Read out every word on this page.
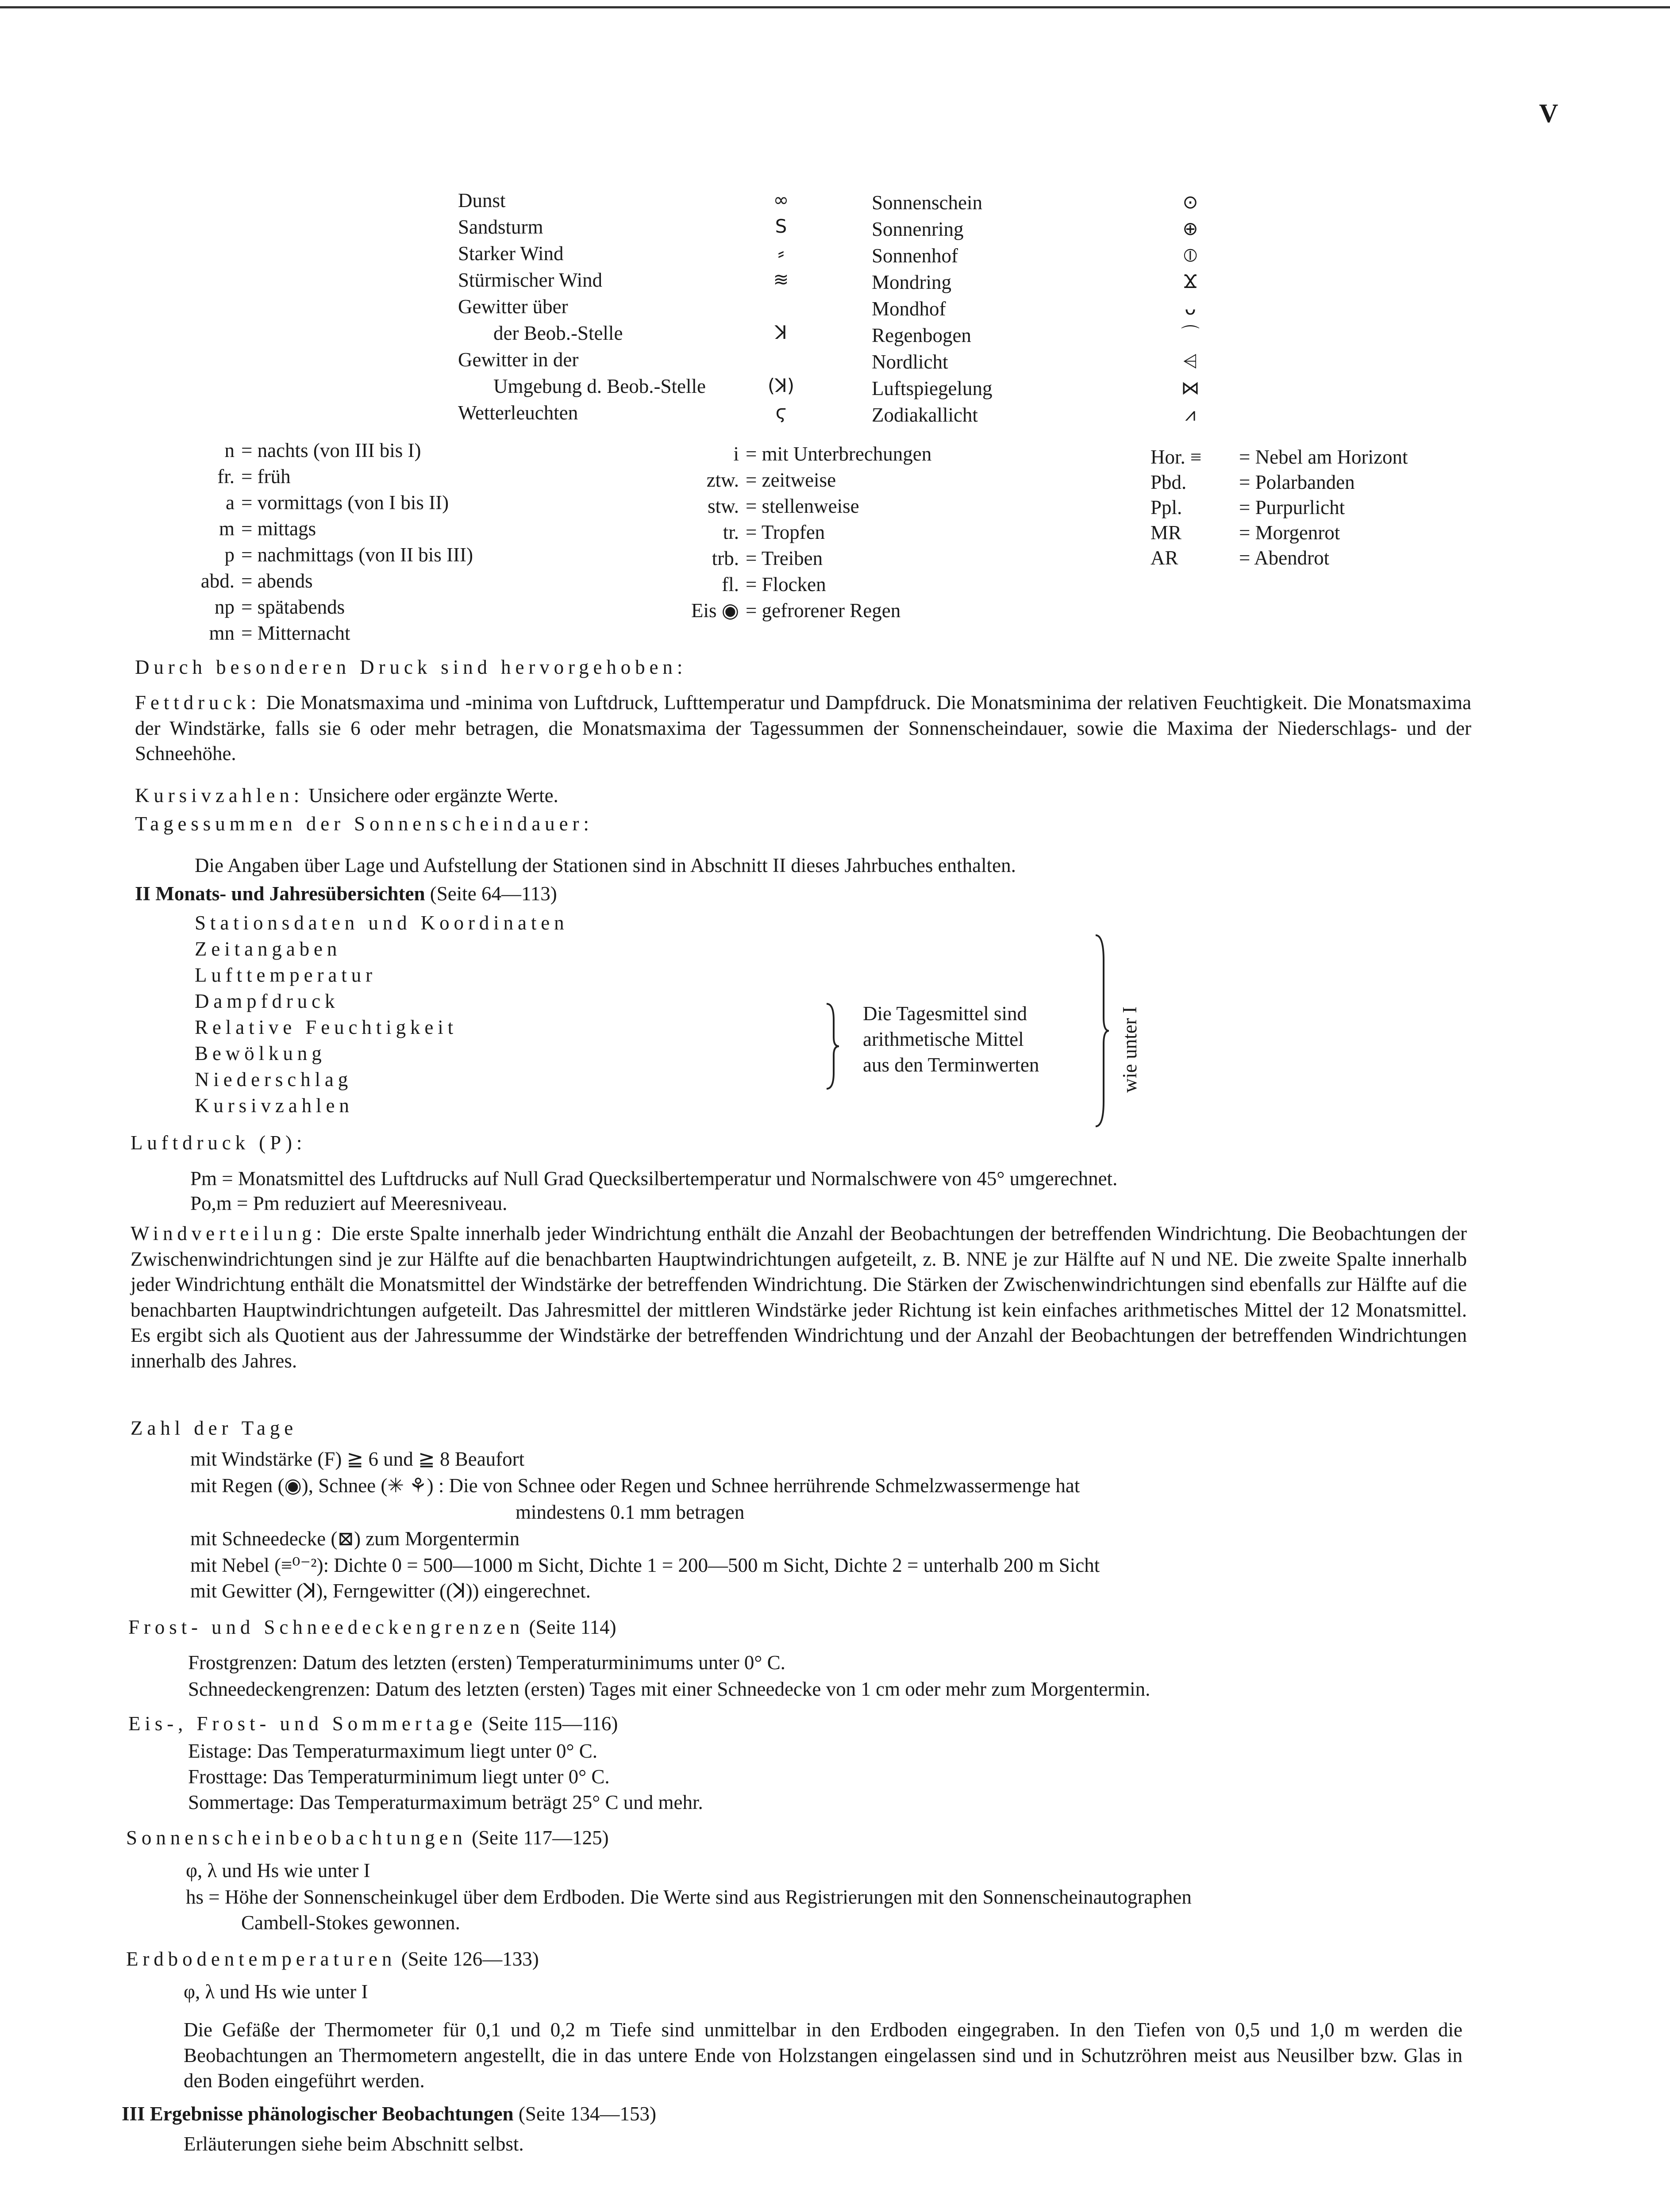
V
Dunst	∞
Sandsturm	S
Starker Wind	⸗
Stürmischer Wind	≋
Gewitter über
der Beob.-Stelle	ꓘ
Gewitter in der
Umgebung d. Beob.-Stelle	(ꓘ)
Wetterleuchten	ϛ
Sonnenschein	⊙
Sonnenring	⊕
Sonnenhof	⦶
Mondring	Ϫ
Mondhof	ᴗ
Regenbogen	⌒
Nordlicht	⩤
Luftspiegelung	⋈
Zodiakallicht	⩘
n = nachts (von III bis I)
fr. = früh
a = vormittags (von I bis II)
m = mittags
p = nachmittags (von II bis III)
abd. = abends
np = spätabends
mn = Mitternacht
i = mit Unterbrechungen
ztw. = zeitweise
stw. = stellenweise
tr. = Tropfen
trb. = Treiben
fl. = Flocken
Eis ◉ = gefrorener Regen
Hor. ≡	= Nebel am Horizont
Pbd.	= Polarbanden
Ppl.	= Purpurlicht
MR	= Morgenrot
AR	= Abendrot
Durch besonderen Druck sind hervorgehoben:
Fettdruck: Die Monatsmaxima und -minima von Luftdruck, Lufttemperatur und Dampfdruck. Die Monatsminima der relativen Feuchtigkeit. Die Monatsmaxima der Windstärke, falls sie 6 oder mehr betragen, die Monatsmaxima der Tagessummen der Sonnenscheindauer, sowie die Maxima der Niederschlags- und der Schneehöhe.
Kursivzahlen: Unsichere oder ergänzte Werte.
Tagessummen der Sonnenscheindauer:
Die Angaben über Lage und Aufstellung der Stationen sind in Abschnitt II dieses Jahrbuches enthalten.
II Monats- und Jahresübersichten (Seite 64—113)
Stationsdaten und Koordinaten
Zeitangaben
Lufttemperatur
Dampfdruck
Relative Feuchtigkeit
Bewölkung
Niederschlag
Kursivzahlen
Die Tagesmittel sind
arithmetische Mittel
aus den Terminwerten	wie unter I
Luftdruck (P):
Pm = Monatsmittel des Luftdrucks auf Null Grad Quecksilbertemperatur und Normalschwere von 45° umgerechnet.
Po,m = Pm reduziert auf Meeresniveau.
Windverteilung: Die erste Spalte innerhalb jeder Windrichtung enthält die Anzahl der Beobachtungen der betreffenden Windrichtung. Die Beobachtungen der Zwischenwindrichtungen sind je zur Hälfte auf die benachbarten Hauptwindrichtungen aufgeteilt, z. B. NNE je zur Hälfte auf N und NE. Die zweite Spalte innerhalb jeder Windrichtung enthält die Monatsmittel der Windstärke der betreffenden Windrichtung. Die Stärken der Zwischenwindrichtungen sind ebenfalls zur Hälfte auf die benachbarten Hauptwindrichtungen aufgeteilt. Das Jahresmittel der mittleren Windstärke jeder Richtung ist kein einfaches arithmetisches Mittel der 12 Monatsmittel. Es ergibt sich als Quotient aus der Jahressumme der Windstärke der betreffenden Windrichtung und der Anzahl der Beobachtungen der betreffenden Windrichtungen innerhalb des Jahres.
Zahl der Tage
mit Windstärke (F) ≧ 6 und ≧ 8 Beaufort
mit Regen (◉), Schnee (✳ ⚘) : Die von Schnee oder Regen und Schnee herrührende Schmelzwassermenge hat
mindestens 0.1 mm betragen
mit Schneedecke (⊠) zum Morgentermin
mit Nebel (≡⁰⁻²): Dichte 0 = 500—1000 m Sicht, Dichte 1 = 200—500 m Sicht, Dichte 2 = unterhalb 200 m Sicht
mit Gewitter (ꓘ), Ferngewitter ((ꓘ)) eingerechnet.
Frost- und Schneedeckengrenzen (Seite 114)
Frostgrenzen: Datum des letzten (ersten) Temperaturminimums unter 0° C.
Schneedeckengrenzen: Datum des letzten (ersten) Tages mit einer Schneedecke von 1 cm oder mehr zum Morgentermin.
Eis-, Frost- und Sommertage (Seite 115—116)
Eistage: Das Temperaturmaximum liegt unter 0° C.
Frosttage: Das Temperaturminimum liegt unter 0° C.
Sommertage: Das Temperaturmaximum beträgt 25° C und mehr.
Sonnenscheinbeobachtungen (Seite 117—125)
φ, λ und Hs wie unter I
hs = Höhe der Sonnenscheinkugel über dem Erdboden. Die Werte sind aus Registrierungen mit den Sonnenscheinautographen
Cambell-Stokes gewonnen.
Erdbodentemperaturen (Seite 126—133)
φ, λ und Hs wie unter I
Die Gefäße der Thermometer für 0,1 und 0,2 m Tiefe sind unmittelbar in den Erdboden eingegraben. In den Tiefen von 0,5 und 1,0 m werden die Beobachtungen an Thermometern angestellt, die in das untere Ende von Holzstangen eingelassen sind und in Schutzröhren meist aus Neusilber bzw. Glas in den Boden eingeführt werden.
III Ergebnisse phänologischer Beobachtungen (Seite 134—153)
Erläuterungen siehe beim Abschnitt selbst.
